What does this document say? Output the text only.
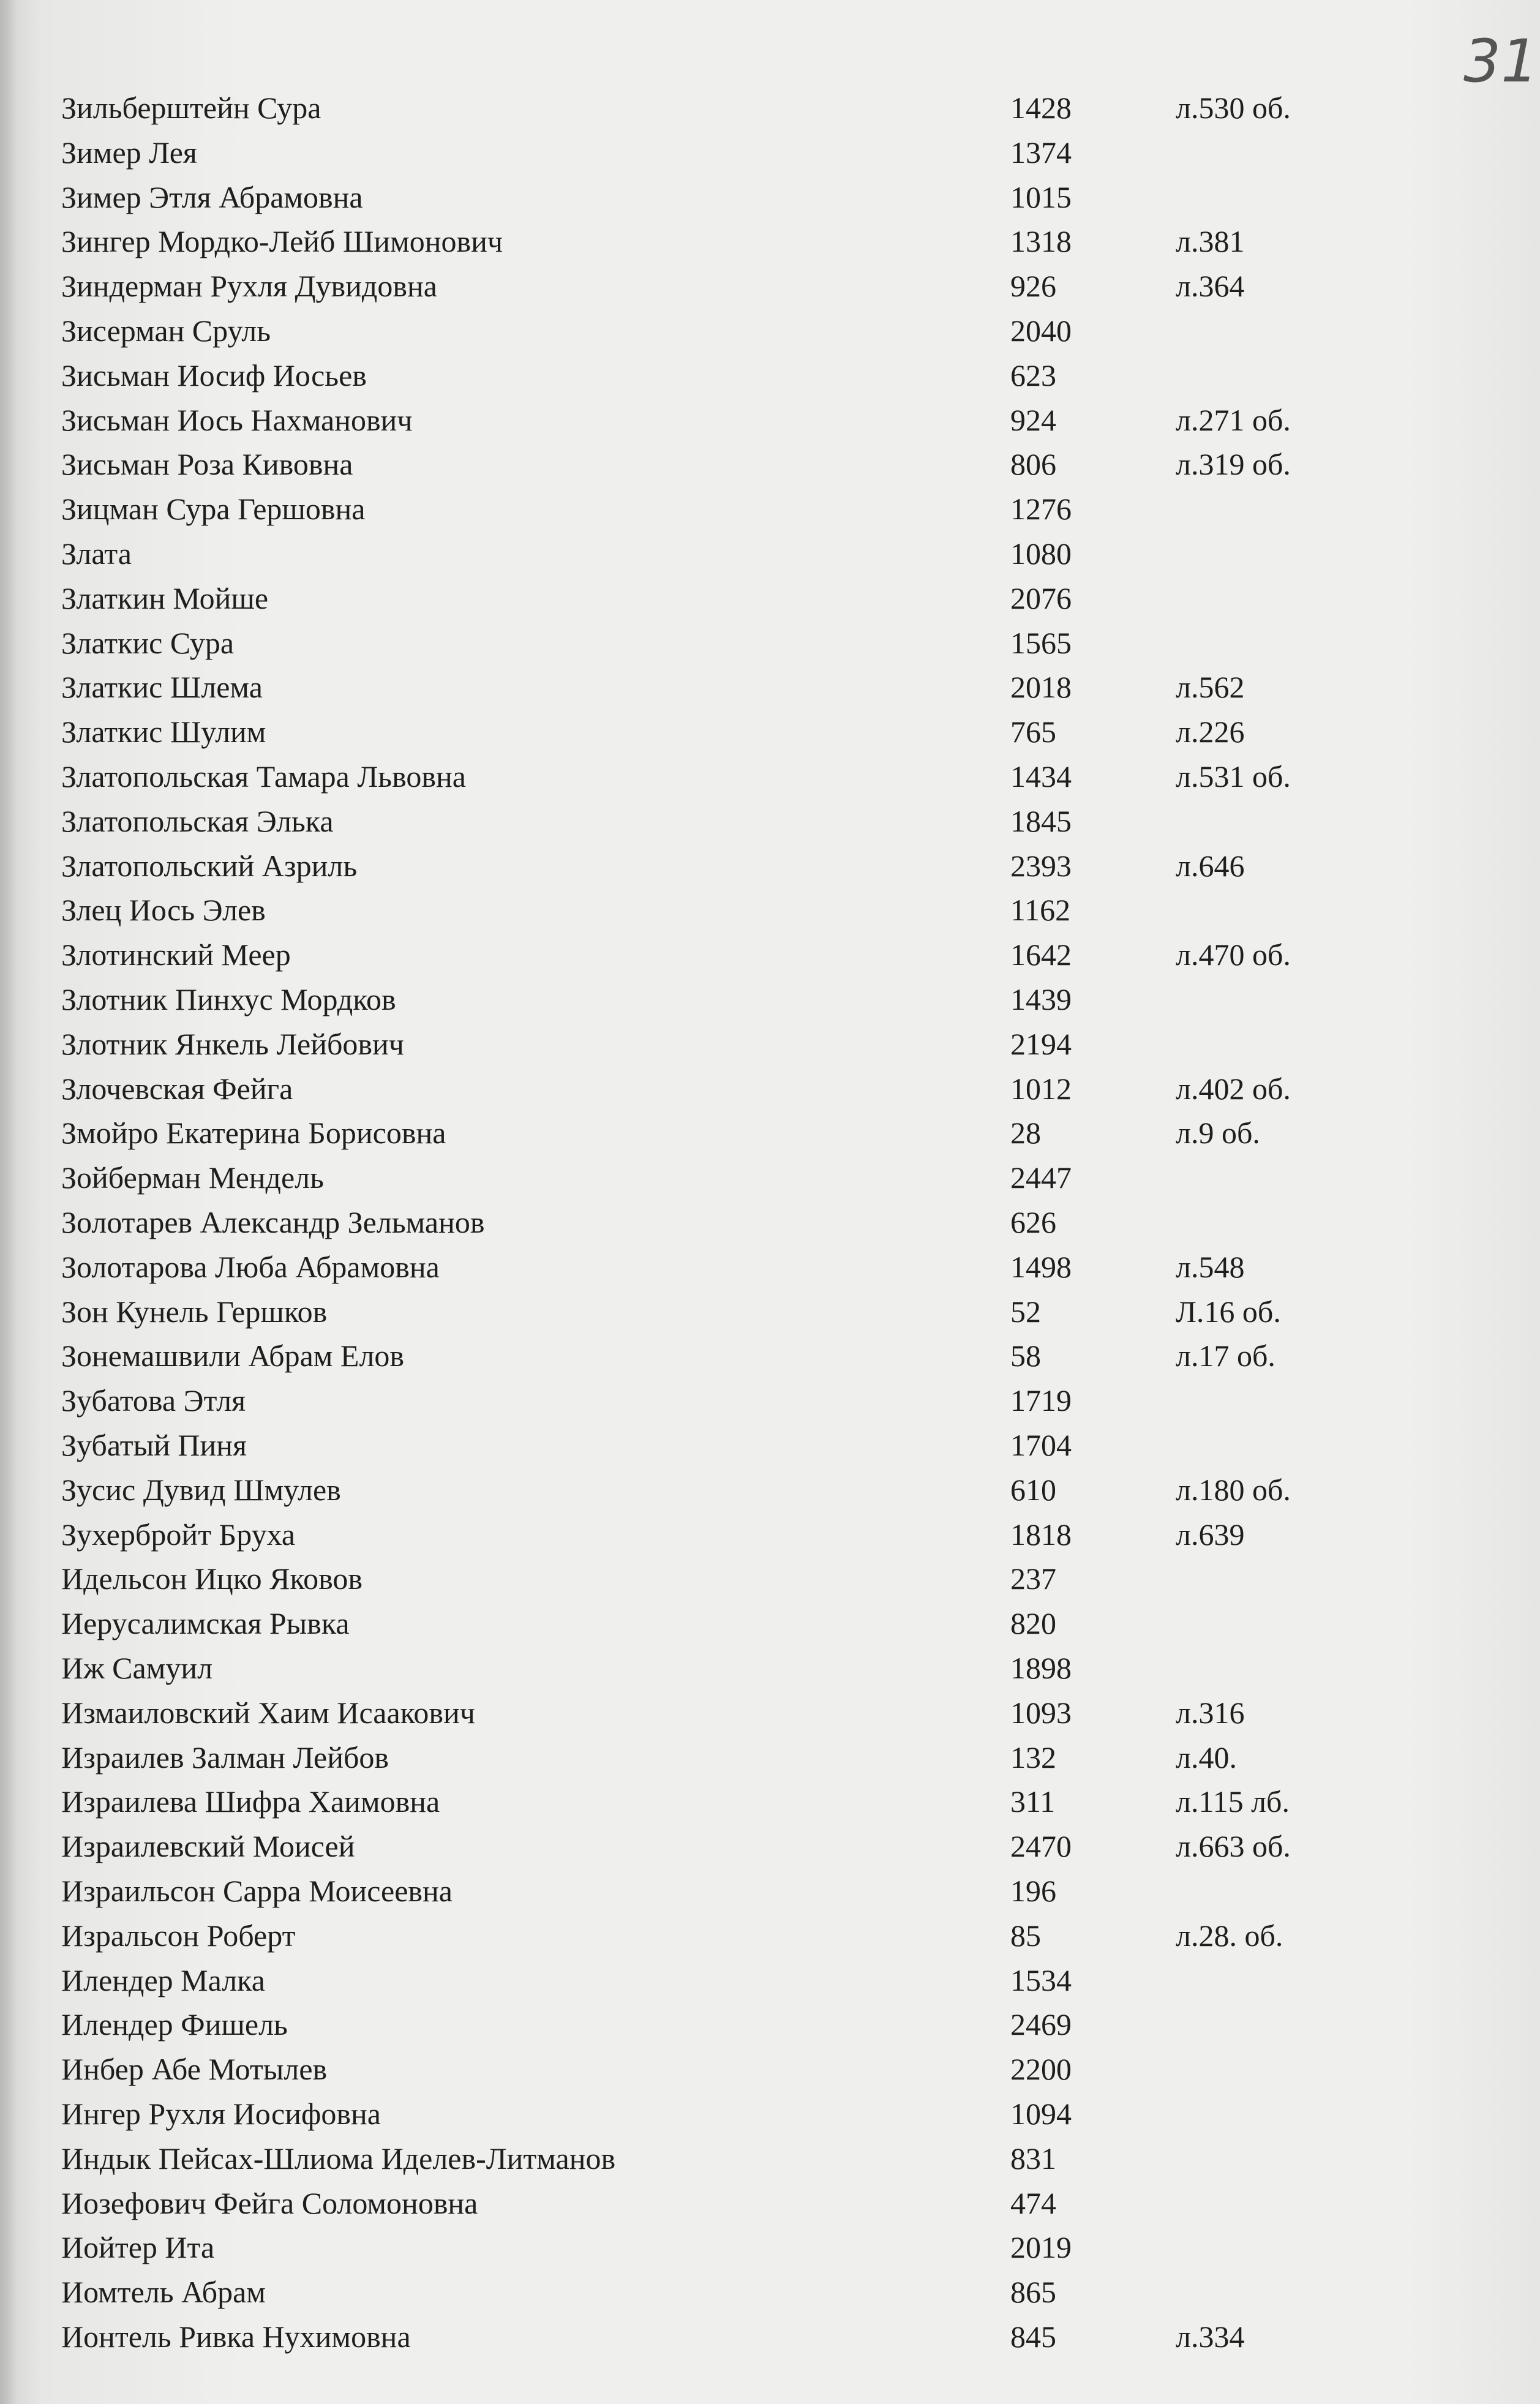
31
Зильберштейн Сура	1428	л.530 об.
Зимер Лея	1374
Зимер Этля Абрамовна	1015
Зингер Мордко-Лейб Шимонович	1318	л.381
Зиндерман Рухля Дувидовна	926	л.364
Зисерман Сруль	2040
Зисьман Иосиф Иосьев	623
Зисьман Иось Нахманович	924	л.271 об.
Зисьман Роза Кивовна	806	л.319 об.
Зицман Сура Гершовна	1276
Злата	1080
Златкин Мойше	2076
Златкис Сура	1565
Златкис Шлема	2018	л.562
Златкис Шулим	765	л.226
Златопольская Тамара Львовна	1434	л.531 об.
Златопольская Элька	1845
Златопольский Азриль	2393	л.646
Злец Иось Элев	1162
Злотинский Меер	1642	л.470 об.
Злотник Пинхус Мордков	1439
Злотник Янкель Лейбович	2194
Злочевская Фейга	1012	л.402 об.
Змойро Екатерина Борисовна	28	л.9 об.
Зойберман Мендель	2447
Золотарев Александр Зельманов	626
Золотарова Люба Абрамовна	1498	л.548
Зон Кунель Гершков	52	Л.16 об.
Зонемашвили Абрам Елов	58	л.17 об.
Зубатова Этля	1719
Зубатый Пиня	1704
Зусис Дувид Шмулев	610	л.180 об.
Зухербройт Бруха	1818	л.639
Идельсон Ицко Яковов	237
Иерусалимская Рывка	820
Иж Самуил	1898
Измаиловский Хаим Исаакович	1093	л.316
Израилев Залман Лейбов	132	л.40.
Израилева Шифра Хаимовна	311	л.115 лб.
Израилевский Моисей	2470	л.663 об.
Израильсон Сарра Моисеевна	196
Изральсон Роберт	85	л.28. об.
Илендер Малка	1534
Илендер Фишель	2469
Инбер Абе Мотылев	2200
Ингер Рухля Иосифовна	1094
Индык Пейсах-Шлиома Иделев-Литманов	831
Иозефович Фейга Соломоновна	474
Иойтер Ита	2019
Иомтель Абрам	865
Ионтель Ривка Нухимовна	845	л.334
